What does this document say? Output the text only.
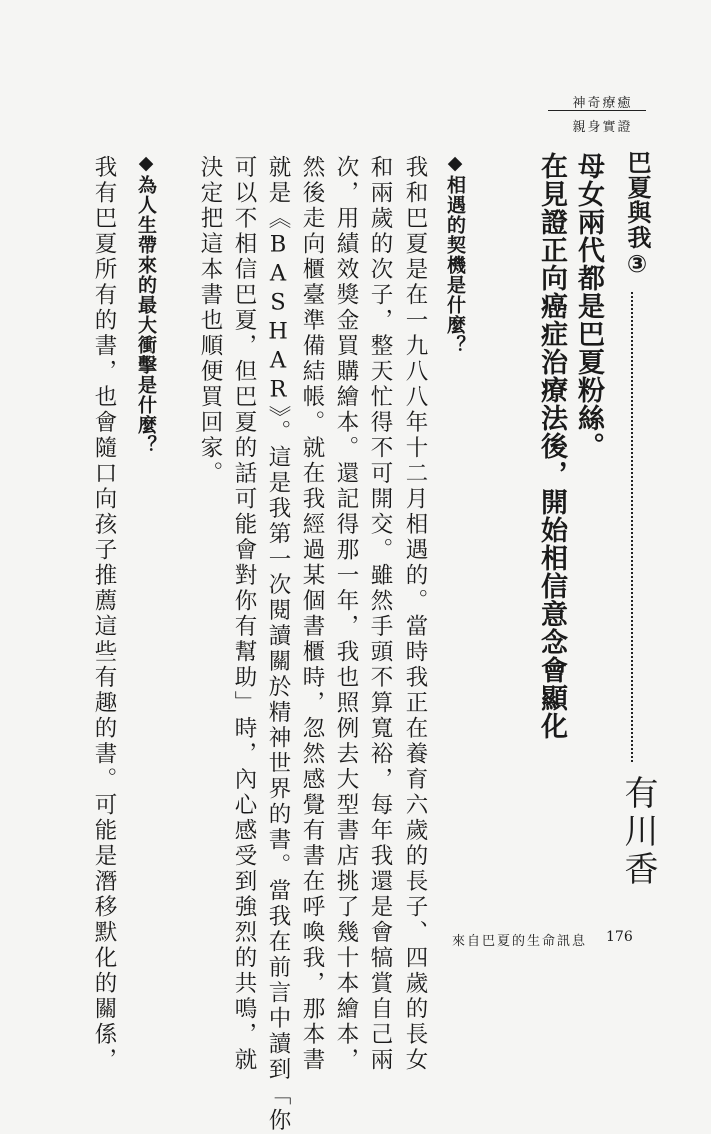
神奇療癒
親身實證
巴夏與我③
有川香
母女兩代都是巴夏粉絲。
在見證正向癌症治療法後，開始相信意念會顯化
◆相遇的契機是什麼？
我和巴夏是在一九八八年十二月相遇的。當時我正在養育六歲的長子、四歲的長女
和兩歲的次子，整天忙得不可開交。雖然手頭不算寬裕，每年我還是會犒賞自己兩
次，用績效獎金買購繪本。還記得那一年，我也照例去大型書店挑了幾十本繪本，
然後走向櫃臺準備結帳。就在我經過某個書櫃時，忽然感覺有書在呼喚我，那本書
就是《BASHAR》。這是我第一次閱讀關於精神世界的書。當我在前言中讀到「你
可以不相信巴夏，但巴夏的話可能會對你有幫助」時，內心感受到強烈的共鳴，就
決定把這本書也順便買回家。
◆為人生帶來的最大衝擊是什麼？
我有巴夏所有的書，也會隨口向孩子推薦這些有趣的書。可能是潛移默化的關係，	來自巴夏的生命訊息 176
